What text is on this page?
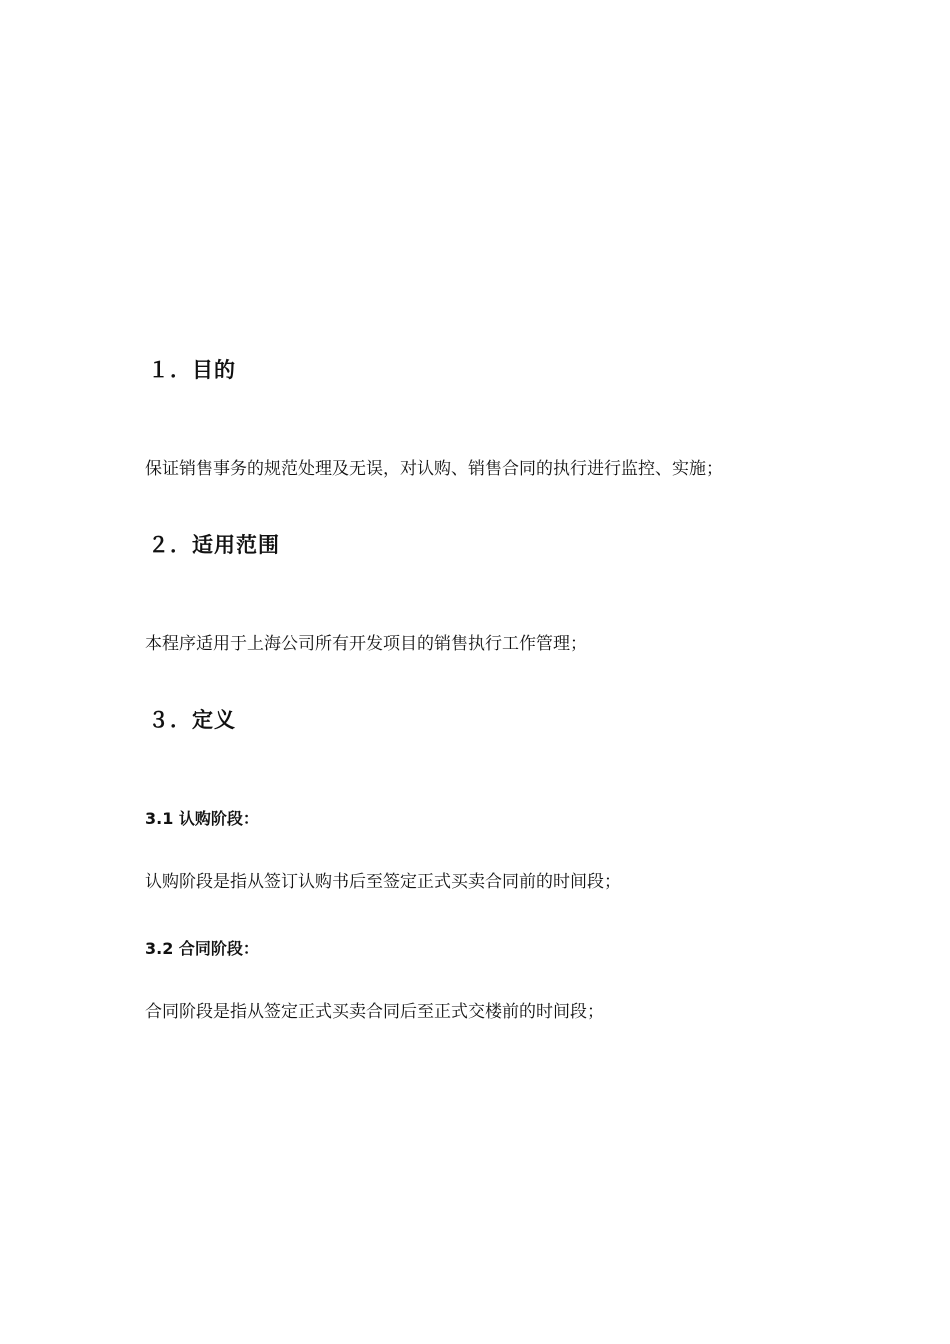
１．目的
保证销售事务的规范处理及无误，对认购、销售合同的执行进行监控、实施；
２．适用范围
本程序适用于上海公司所有开发项目的销售执行工作管理；
３．定义
3.1 认购阶段：
认购阶段是指从签订认购书后至签定正式买卖合同前的时间段；
3.2 合同阶段：
合同阶段是指从签定正式买卖合同后至正式交楼前的时间段；
